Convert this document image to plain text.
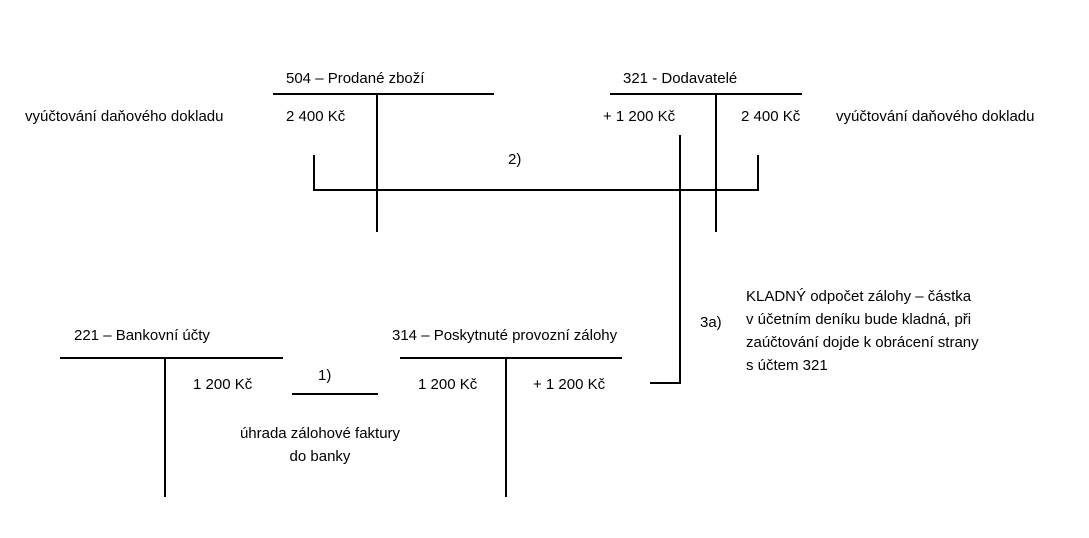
504 – Prodané zboží
2 400 Kč
321 - Dodavatelé
+ 1 200 Kč	2 400 Kč
vyúčtování daňového dokladu	vyúčtování daňového dokladu
2)
1)
3a)
221 – Bankovní účty
1 200 Kč
314 – Poskytnuté provozní zálohy
1 200 Kč	+ 1 200 Kč
úhrada zálohové faktury
do banky
KLADNÝ odpočet zálohy – částka
v účetním deníku bude kladná, při
zaúčtování dojde k obrácení strany
s účtem 321
